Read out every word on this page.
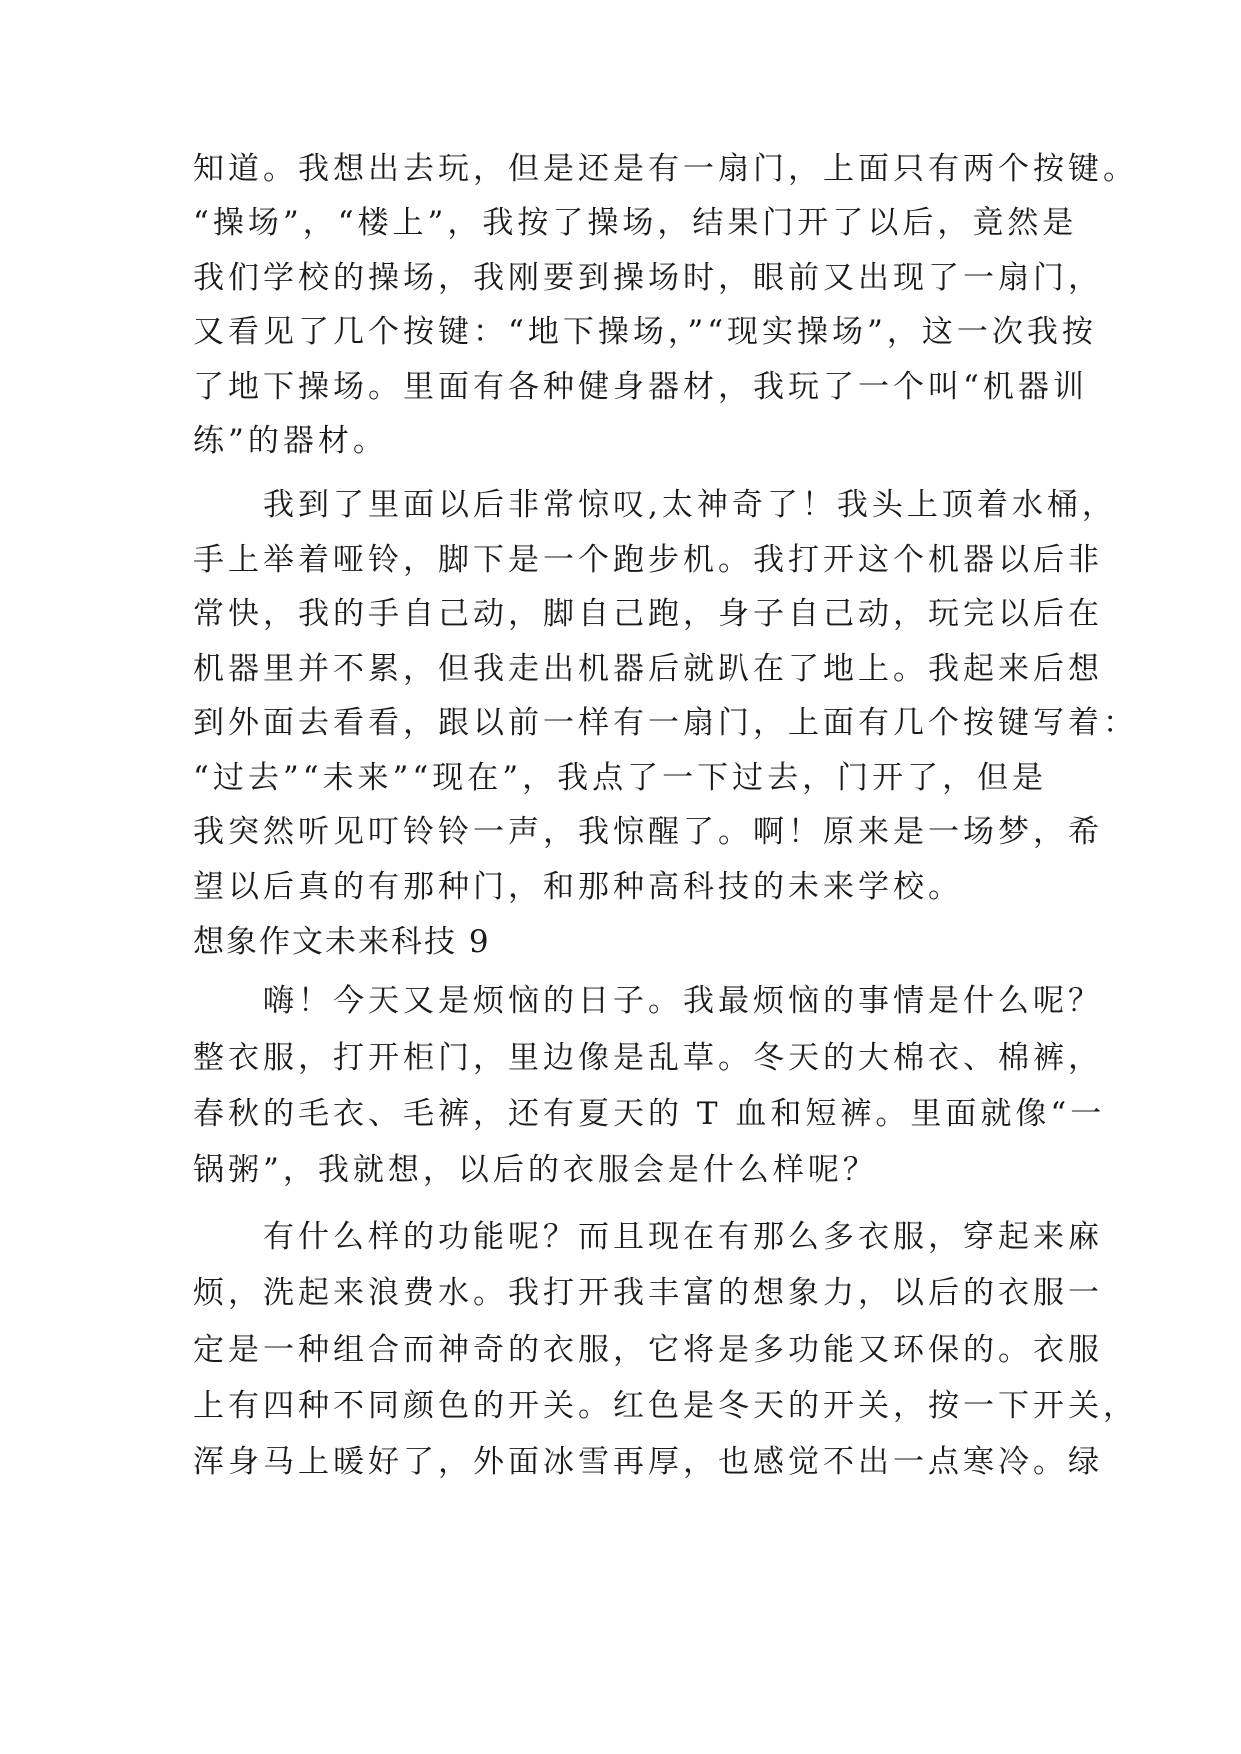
知道。我想出去玩，但是还是有一扇门，上面只有两个按键。
“操场”，“楼上”，我按了操场，结果门开了以后，竟然是
我们学校的操场，我刚要到操场时，眼前又出现了一扇门，
又看见了几个按键：“地下操场，”“现实操场”，这一次我按
了地下操场。里面有各种健身器材，我玩了一个叫“机器训
练”的器材。
　　我到了里面以后非常惊叹,太神奇了！我头上顶着水桶，
手上举着哑铃，脚下是一个跑步机。我打开这个机器以后非
常快，我的手自己动，脚自己跑，身子自己动，玩完以后在
机器里并不累，但我走出机器后就趴在了地上。我起来后想
到外面去看看，跟以前一样有一扇门，上面有几个按键写着：
“过去”“未来”“现在”，我点了一下过去，门开了，但是
我突然听见叮铃铃一声，我惊醒了。啊！原来是一场梦，希
望以后真的有那种门，和那种高科技的未来学校。
想象作文未来科技 9
　　嗨！今天又是烦恼的日子。我最烦恼的事情是什么呢？
整衣服，打开柜门，里边像是乱草。冬天的大棉衣、棉裤，
春秋的毛衣、毛裤，还有夏天的 T 血和短裤。里面就像“一
锅粥”，我就想，以后的衣服会是什么样呢？
　　有什么样的功能呢？而且现在有那么多衣服，穿起来麻
烦，洗起来浪费水。我打开我丰富的想象力，以后的衣服一
定是一种组合而神奇的衣服，它将是多功能又环保的。衣服
上有四种不同颜色的开关。红色是冬天的开关，按一下开关，
浑身马上暖好了，外面冰雪再厚，也感觉不出一点寒冷。绿
